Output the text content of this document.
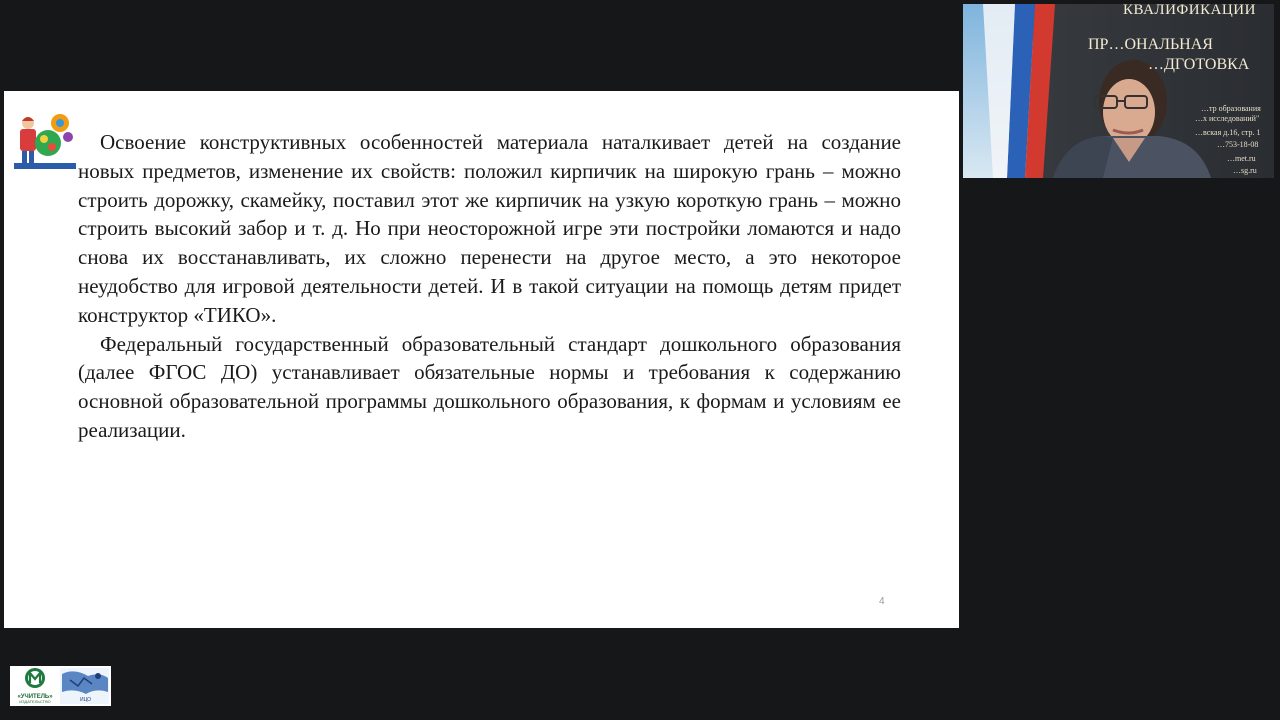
Освоение конструктивных особенностей материала наталкивает детей на создание новых предметов, изменение их свойств: положил кирпичик на широкую грань – можно строить дорожку, скамейку, поставил этот же кирпичик на узкую короткую грань – можно строить высокий забор и т. д. Но при неосторожной игре эти постройки ломаются и надо снова их восстанавливать, их сложно перенести на другое место, а это некоторое неудобство для игровой деятельности детей. И в такой ситуации на помощь детям придет конструктор «ТИКО».

Федеральный государственный образовательный стандарт дошкольного образования (далее ФГОС ДО) устанавливает обязательные нормы и требования к содержанию основной образовательной программы дошкольного образования, к формам и условиям ее реализации.

4
КВАЛИФИКАЦИИ
ПР…ОНАЛЬНАЯ
…ДГОТОВКА
…тр образования
…х исследований"
…вская д.16, стр. 1
…753-18-08
…met.ru
…sg.ru
ИЦО
ИЗДАТЕЛЬСТВО
«УЧИТЕЛЬ»
